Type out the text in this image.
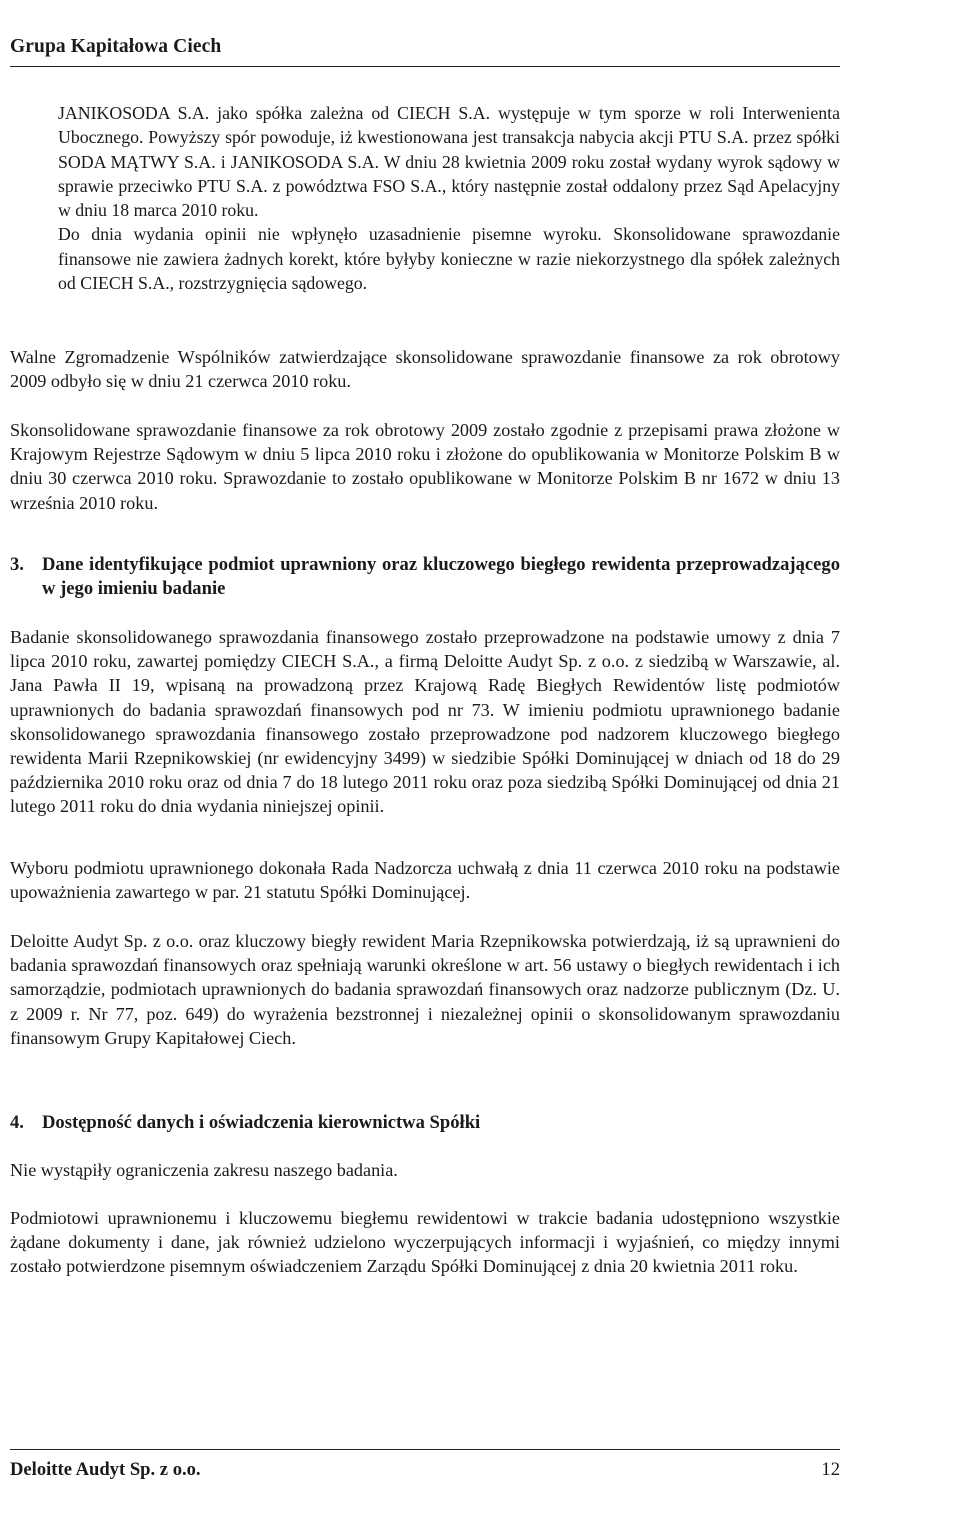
Grupa Kapitałowa Ciech

JANIKOSODA S.A. jako spółka zależna od CIECH S.A. występuje w tym sporze w roli Interwenienta Ubocznego. Powyższy spór powoduje, iż kwestionowana jest transakcja nabycia akcji PTU S.A. przez spółki SODA MĄTWY S.A. i JANIKOSODA S.A. W dniu 28 kwietnia 2009 roku został wydany wyrok sądowy w sprawie przeciwko PTU S.A. z powództwa FSO S.A., który następnie został oddalony przez Sąd Apelacyjny w dniu 18 marca 2010 roku.

Do dnia wydania opinii nie wpłynęło uzasadnienie pisemne wyroku. Skonsolidowane sprawozdanie finansowe nie zawiera żadnych korekt, które byłyby konieczne w razie niekorzystnego dla spółek zależnych od CIECH S.A., rozstrzygnięcia sądowego.

Walne Zgromadzenie Wspólników zatwierdzające skonsolidowane sprawozdanie finansowe za rok obrotowy 2009 odbyło się w dniu 21 czerwca 2010 roku.

Skonsolidowane sprawozdanie finansowe za rok obrotowy 2009 zostało zgodnie z przepisami prawa złożone w Krajowym Rejestrze Sądowym w dniu 5 lipca 2010 roku i złożone do opublikowania w Monitorze Polskim B w dniu 30 czerwca 2010 roku. Sprawozdanie to zostało opublikowane w Monitorze Polskim B nr 1672 w dniu 13 września 2010 roku.

3. Dane identyfikujące podmiot uprawniony oraz kluczowego biegłego rewidenta przeprowadzającego w jego imieniu badanie

Badanie skonsolidowanego sprawozdania finansowego zostało przeprowadzone na podstawie umowy z dnia 7 lipca 2010 roku, zawartej pomiędzy CIECH S.A., a firmą Deloitte Audyt Sp. z o.o. z siedzibą w Warszawie, al. Jana Pawła II 19, wpisaną na prowadzoną przez Krajową Radę Biegłych Rewidentów listę podmiotów uprawnionych do badania sprawozdań finansowych pod nr 73. W imieniu podmiotu uprawnionego badanie skonsolidowanego sprawozdania finansowego zostało przeprowadzone pod nadzorem kluczowego biegłego rewidenta Marii Rzepnikowskiej (nr ewidencyjny 3499) w siedzibie Spółki Dominującej w dniach od 18 do 29 października 2010 roku oraz od dnia 7 do 18 lutego 2011 roku oraz poza siedzibą Spółki Dominującej od dnia 21 lutego 2011 roku do dnia wydania niniejszej opinii.

Wyboru podmiotu uprawnionego dokonała Rada Nadzorcza uchwałą z dnia 11 czerwca 2010 roku na podstawie upoważnienia zawartego w par. 21 statutu Spółki Dominującej.

Deloitte Audyt Sp. z o.o. oraz kluczowy biegły rewident Maria Rzepnikowska potwierdzają, iż są uprawnieni do badania sprawozdań finansowych oraz spełniają warunki określone w art. 56 ustawy o biegłych rewidentach i ich samorządzie, podmiotach uprawnionych do badania sprawozdań finansowych oraz nadzorze publicznym (Dz. U. z 2009 r. Nr 77, poz. 649) do wyrażenia bezstronnej i niezależnej opinii o skonsolidowanym sprawozdaniu finansowym Grupy Kapitałowej Ciech.

4. Dostępność danych i oświadczenia kierownictwa Spółki

Nie wystąpiły ograniczenia zakresu naszego badania.

Podmiotowi uprawnionemu i kluczowemu biegłemu rewidentowi w trakcie badania udostępniono wszystkie żądane dokumenty i dane, jak również udzielono wyczerpujących informacji i wyjaśnień, co między innymi zostało potwierdzone pisemnym oświadczeniem Zarządu Spółki Dominującej z dnia 20 kwietnia 2011 roku.

Deloitte Audyt Sp. z o.o.	12
